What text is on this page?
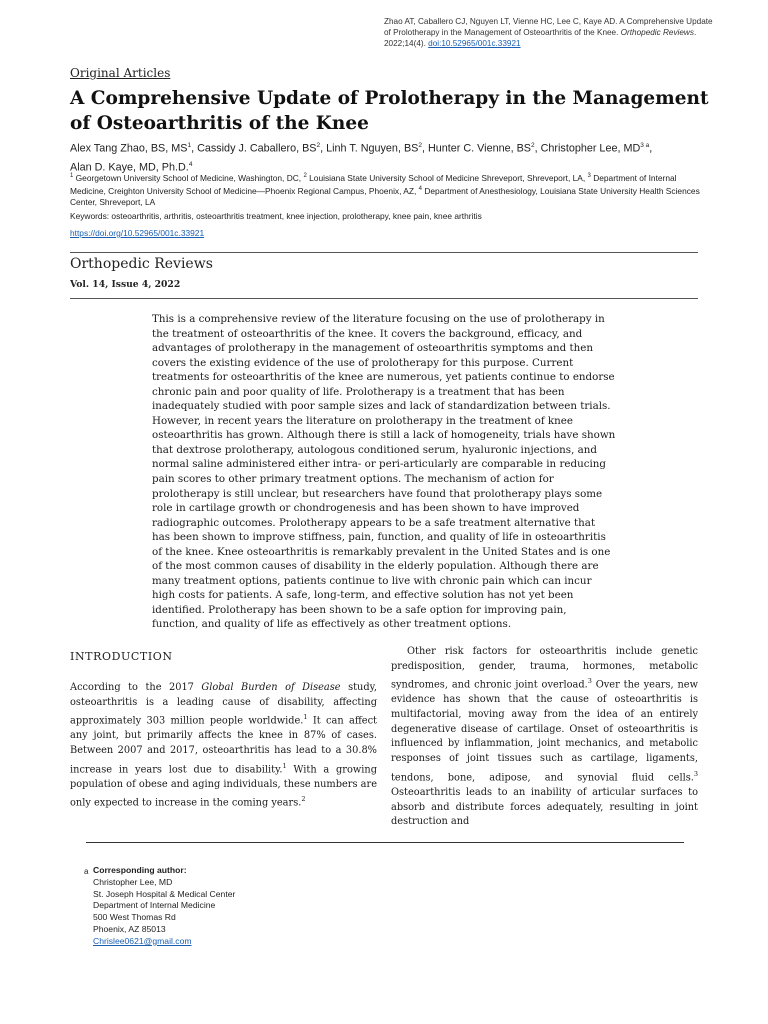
Zhao AT, Caballero CJ, Nguyen LT, Vienne HC, Lee C, Kaye AD. A Comprehensive Update of Prolotherapy in the Management of Osteoarthritis of the Knee. Orthopedic Reviews. 2022;14(4). doi:10.52965/001c.33921
Original Articles
A Comprehensive Update of Prolotherapy in the Management of Osteoarthritis of the Knee
Alex Tang Zhao, BS, $MS^1$, Cassidy J. Caballero, $BS^2$, Linh T. Nguyen, $BS^2$, Hunter C. Vienne, $BS^2$, Christopher Lee, $MD^{3 a}$,
Alan D. Kaye, MD, Ph.D.$^4$
$^1$ Georgetown University School of Medicine, Washington, DC, $^2$ Louisiana State University School of Medicine Shreveport, Shreveport, LA, $^3$ Department of Internal Medicine, Creighton University School of Medicine—Phoenix Regional Campus, Phoenix, AZ, $^4$ Department of Anesthesiology, Louisiana State University Health Sciences Center, Shreveport, LA
Keywords: osteoarthritis, arthritis, osteoarthritis treatment, knee injection, prolotherapy, knee pain, knee arthritis
https://doi.org/10.52965/001c.33921
Orthopedic Reviews
Vol. 14, Issue 4, 2022

This is a comprehensive review of the literature focusing on the use of prolotherapy in the treatment of osteoarthritis of the knee. It covers the background, efficacy, and advantages of prolotherapy in the management of osteoarthritis symptoms and then covers the existing evidence of the use of prolotherapy for this purpose. Current treatments for osteoarthritis of the knee are numerous, yet patients continue to endorse chronic pain and poor quality of life. Prolotherapy is a treatment that has been inadequately studied with poor sample sizes and lack of standardization between trials. However, in recent years the literature on prolotherapy in the treatment of knee osteoarthritis has grown. Although there is still a lack of homogeneity, trials have shown that dextrose prolotherapy, autologous conditioned serum, hyaluronic injections, and normal saline administered either intra- or peri-articularly are comparable in reducing pain scores to other primary treatment options. The mechanism of action for prolotherapy is still unclear, but researchers have found that prolotherapy plays some role in cartilage growth or chondrogenesis and has been shown to have improved radiographic outcomes. Prolotherapy appears to be a safe treatment alternative that has been shown to improve stiffness, pain, function, and quality of life in osteoarthritis of the knee. Knee osteoarthritis is remarkably prevalent in the United States and is one of the most common causes of disability in the elderly population. Although there are many treatment options, patients continue to live with chronic pain which can incur high costs for patients. A safe, long-term, and effective solution has not yet been identified. Prolotherapy has been shown to be a safe option for improving pain, function, and quality of life as effectively as other treatment options.

INTRODUCTION

According to the 2017 Global Burden of Disease study, osteoarthritis is a leading cause of disability, affecting approximately 303 million people worldwide.$^1$ It can affect any joint, but primarily affects the knee in 87% of cases. Between 2007 and 2017, osteoarthritis has lead to a 30.8% increase in years lost due to disability.$^1$ With a growing population of obese and aging individuals, these numbers are only expected to increase in the coming years.$^2$

Other risk factors for osteoarthritis include genetic predisposition, gender, trauma, hormones, metabolic syndromes, and chronic joint overload.$^3$ Over the years, new evidence has shown that the cause of osteoarthritis is multifactorial, moving away from the idea of an entirely degenerative disease of cartilage. Onset of osteoarthritis is influenced by inflammation, joint mechanics, and metabolic responses of joint tissues such as cartilage, ligaments, tendons, bone, adipose, and synovial fluid cells.$^3$ Osteoarthritis leads to an inability of articular surfaces to absorb and distribute forces adequately, resulting in joint destruction and

a Corresponding author:
Christopher Lee, MD
St. Joseph Hospital & Medical Center
Department of Internal Medicine
500 West Thomas Rd
Phoenix, AZ 85013
Chrislee0621@gmail.com
